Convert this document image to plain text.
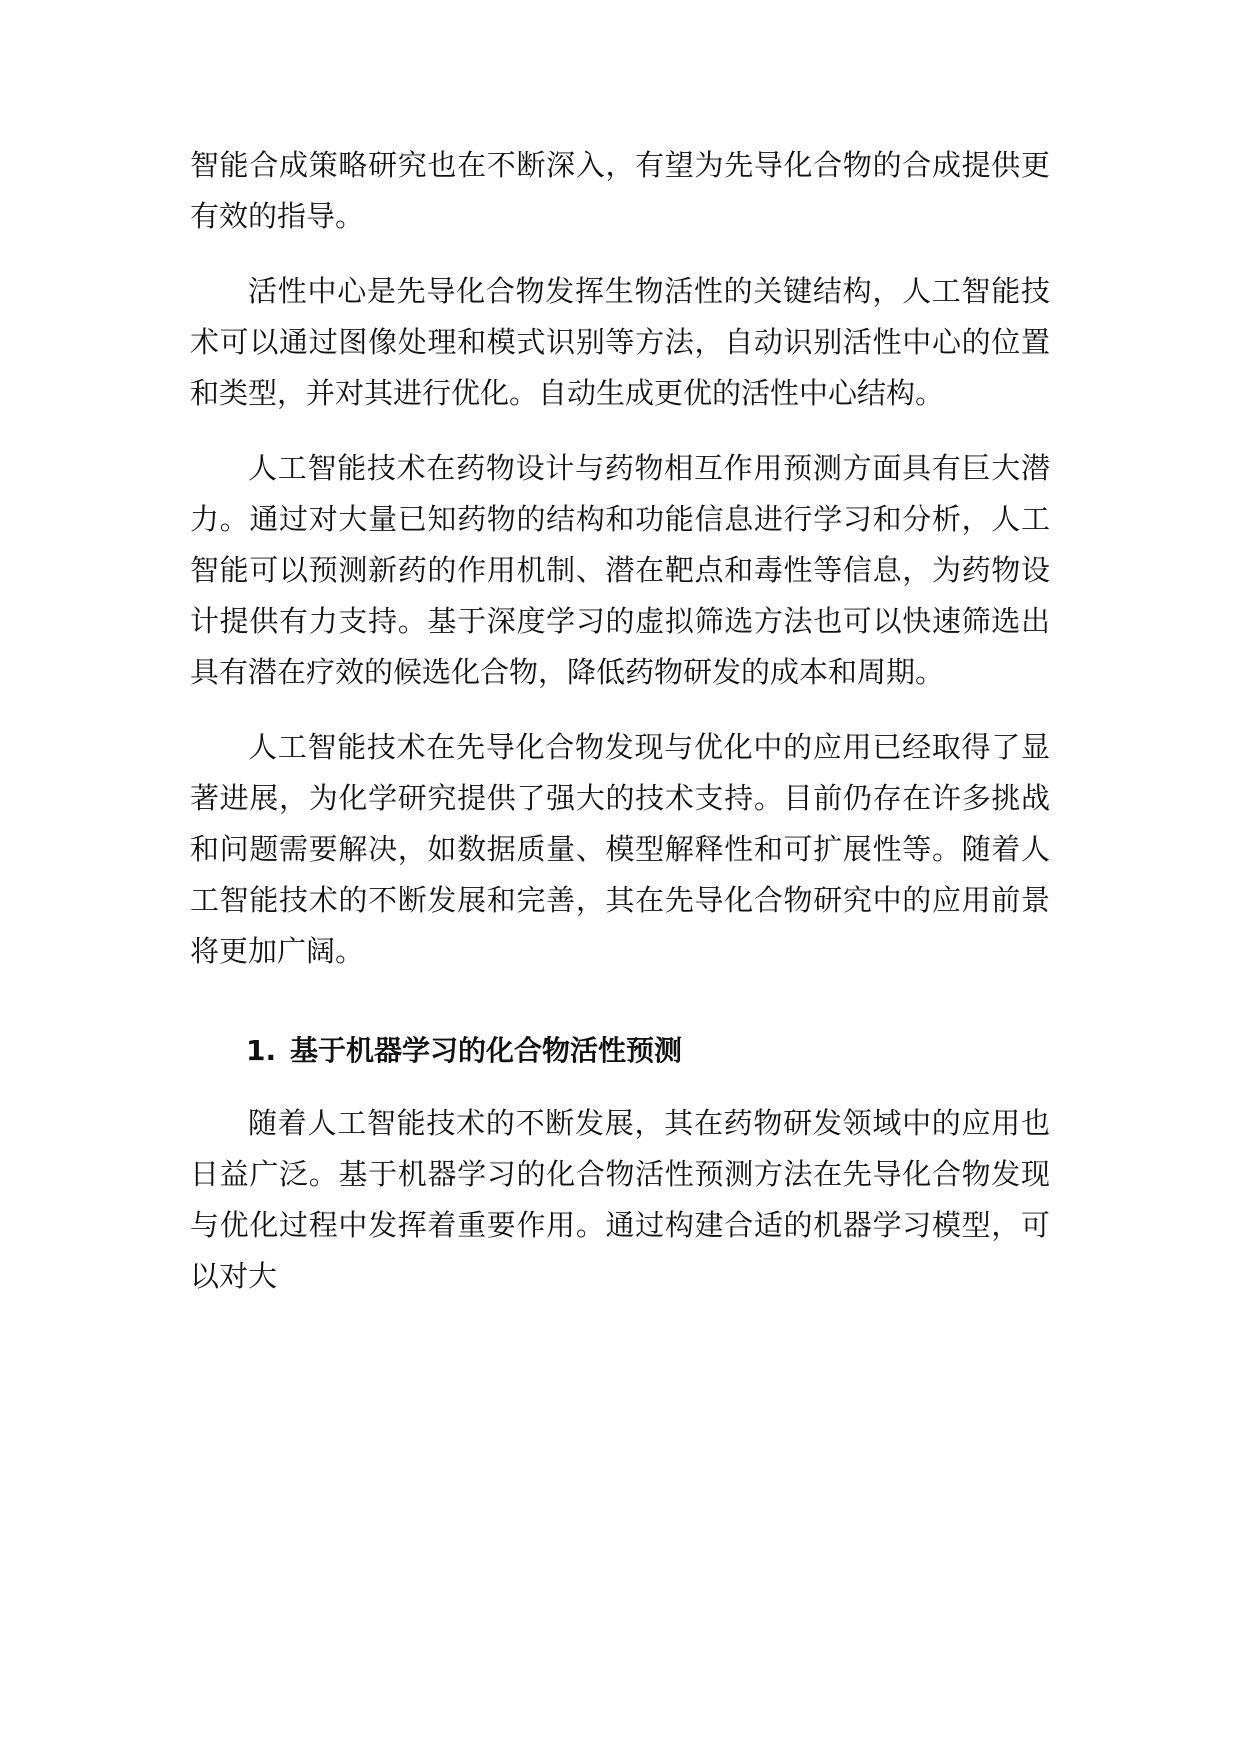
智能合成策略研究也在不断深入，有望为先导化合物的合成提供更有效的指导。

活性中心是先导化合物发挥生物活性的关键结构，人工智能技术可以通过图像处理和模式识别等方法，自动识别活性中心的位置和类型，并对其进行优化。自动生成更优的活性中心结构。

人工智能技术在药物设计与药物相互作用预测方面具有巨大潜力。通过对大量已知药物的结构和功能信息进行学习和分析，人工智能可以预测新药的作用机制、潜在靶点和毒性等信息，为药物设计提供有力支持。基于深度学习的虚拟筛选方法也可以快速筛选出具有潜在疗效的候选化合物，降低药物研发的成本和周期。

人工智能技术在先导化合物发现与优化中的应用已经取得了显著进展，为化学研究提供了强大的技术支持。目前仍存在许多挑战和问题需要解决，如数据质量、模型解释性和可扩展性等。随着人工智能技术的不断发展和完善，其在先导化合物研究中的应用前景将更加广阔。

1. 基于机器学习的化合物活性预测

随着人工智能技术的不断发展，其在药物研发领域中的应用也日益广泛。基于机器学习的化合物活性预测方法在先导化合物发现与优化过程中发挥着重要作用。通过构建合适的机器学习模型，可以对大
